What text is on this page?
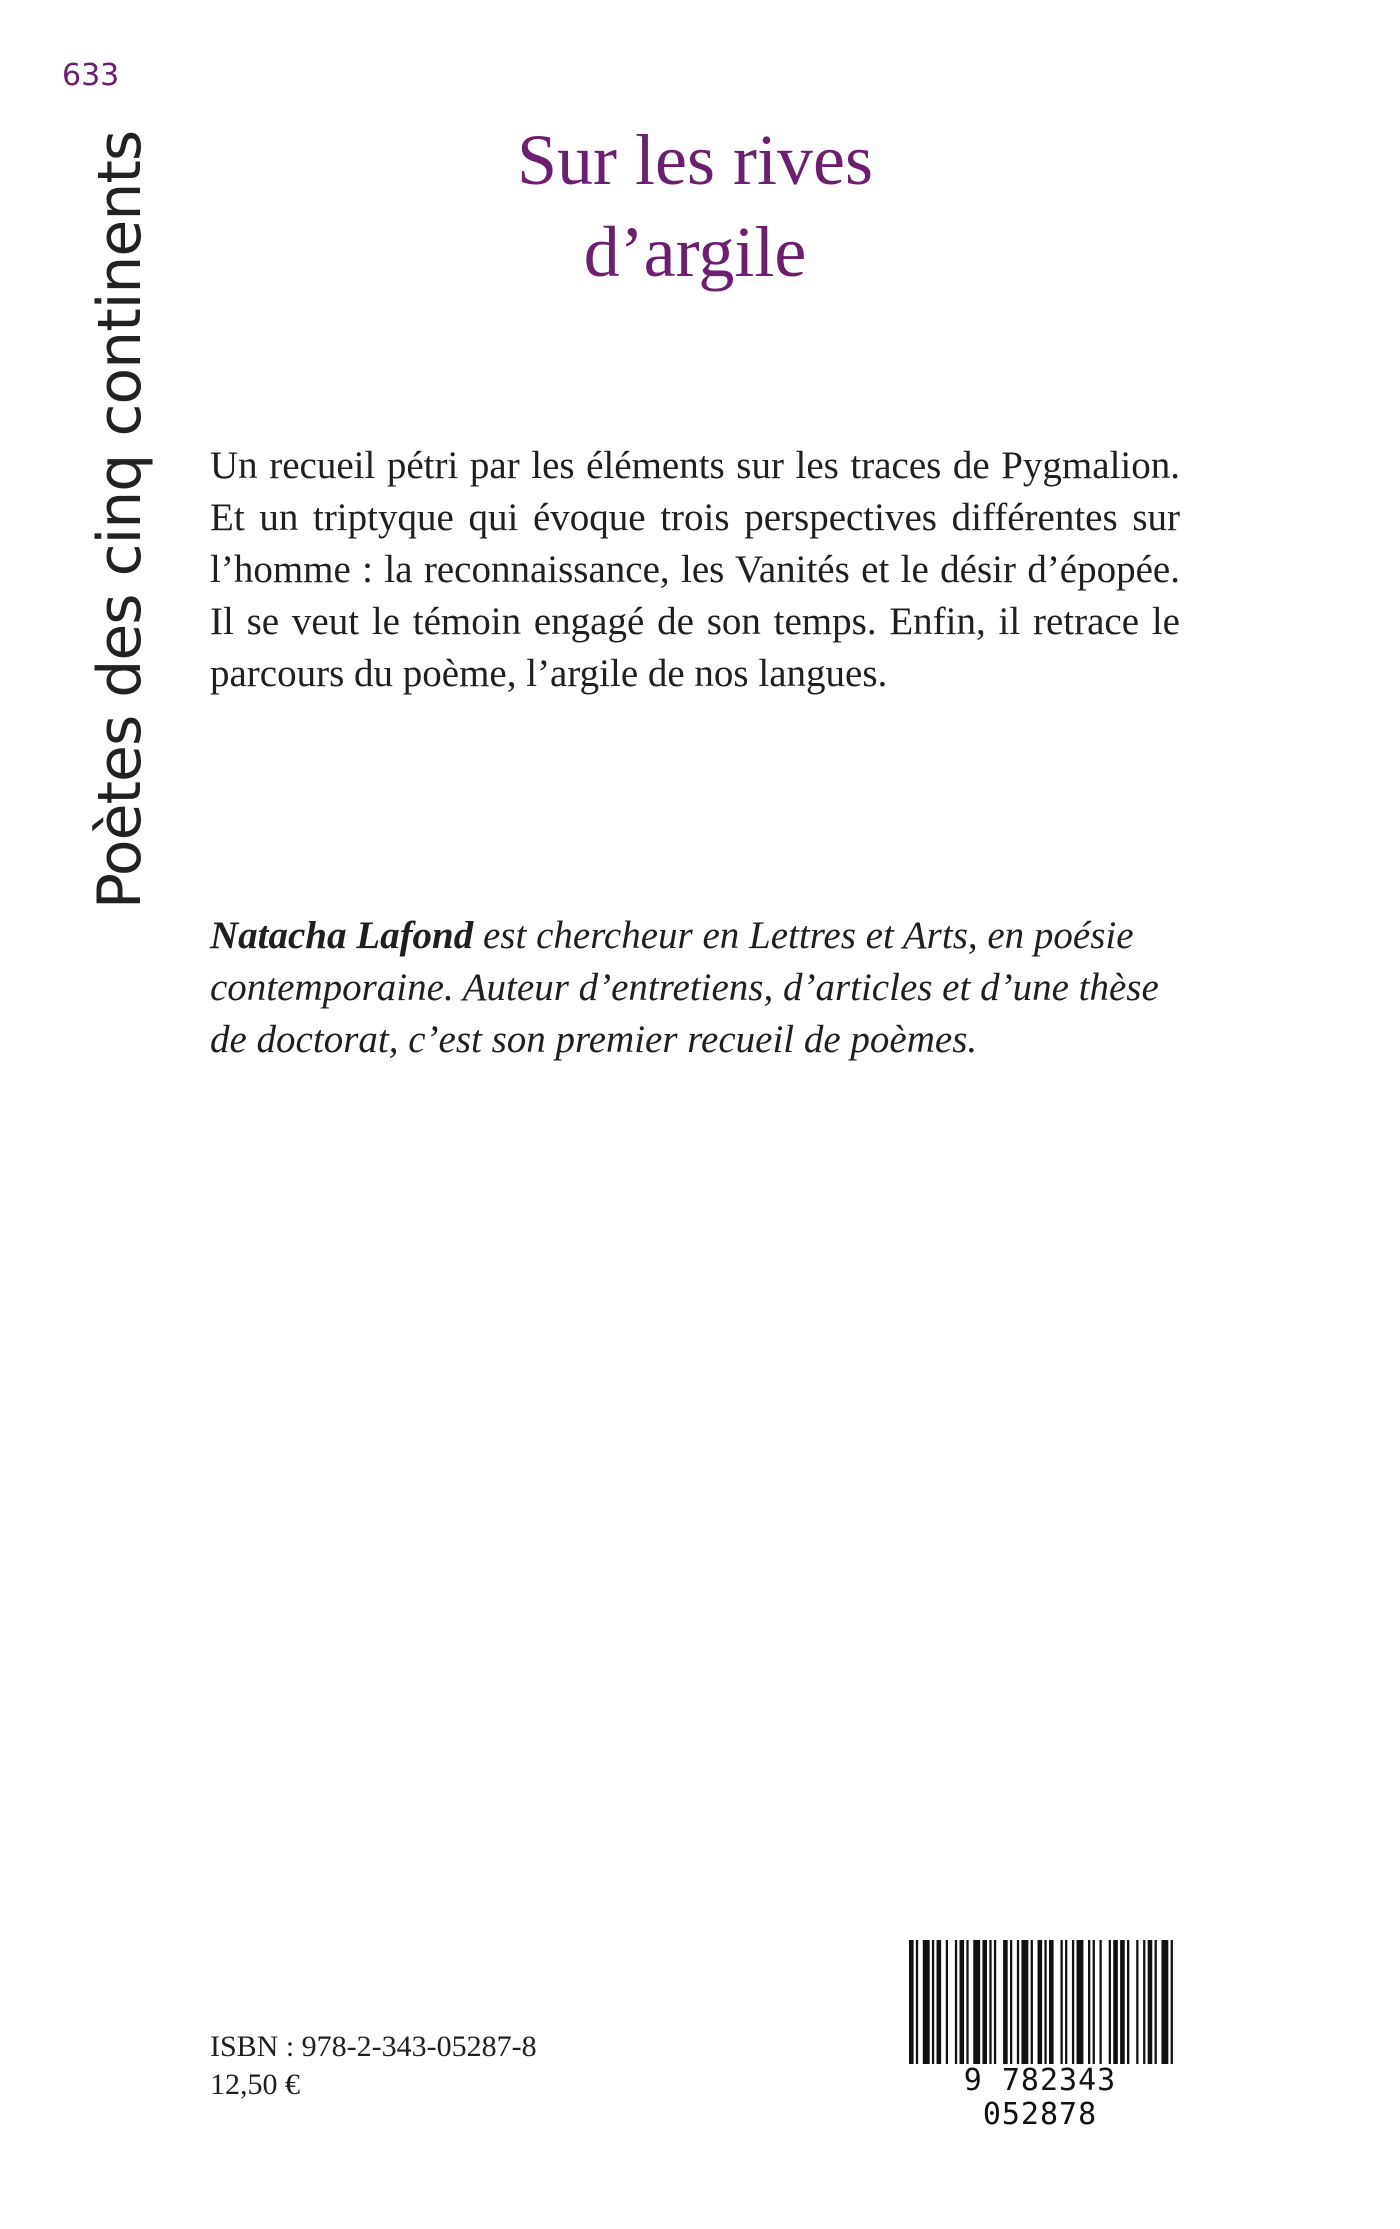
633
Poètes des cinq continents	Sur les rives
d’argile

Un recueil pétri par les éléments sur les traces de Pygmalion. Et un triptyque qui évoque trois perspectives différentes sur l’homme : la reconnaissance, les Vanités et le désir d’épopée. Il se veut le témoin engagé de son temps. Enfin, il retrace le parcours du poème, l’argile de nos langues.

Natacha Lafond est chercheur en Lettres et Arts, en poésie contemporaine. Auteur d’entretiens, d’articles et d’une thèse de doctorat, c’est son premier recueil de poèmes.

ISBN : 978-2-343-05287-8
12,50 €	9 782343 052878
